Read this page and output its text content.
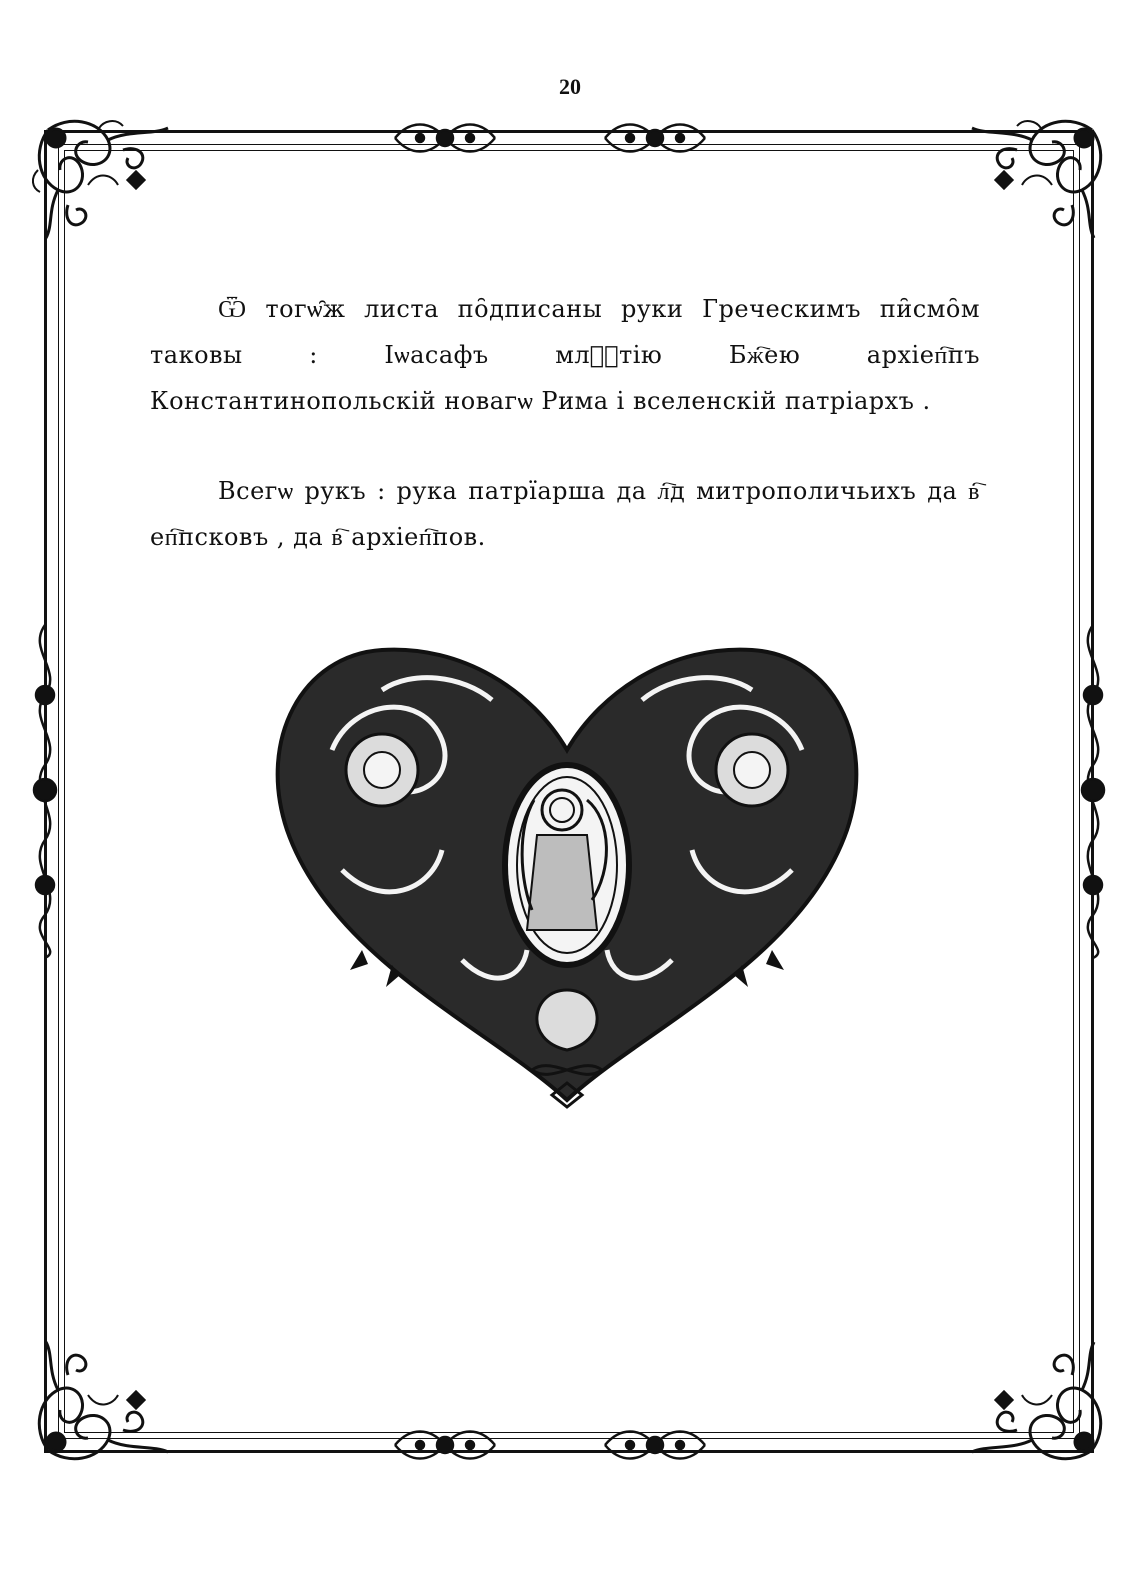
20

Ѿ тогѡ̑ж листа по̑дписаны руки Греческимъ пи̑смо̑м таковы : Іѡасафъ млⷭ҇тію Бж҇ею архіеп҇пъ Константинопольскій новагѡ Рима і вселенскій патріархъ .

Всегѡ рукъ : рука патрїарша да л҇д митрополичьихъ да в҇ еп҇псковъ , да в҇ архіеп҇пов.
